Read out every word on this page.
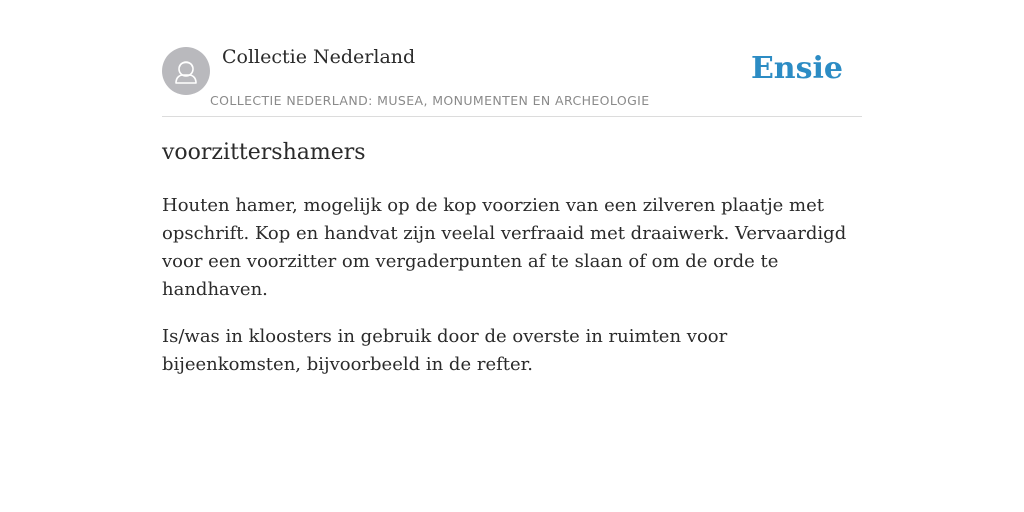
Collectie Nederland
COLLECTIE NEDERLAND: MUSEA, MONUMENTEN EN ARCHEOLOGIE
Ensie
voorzittershamers

Houten hamer, mogelijk op de kop voorzien van een zilveren plaatje met opschrift. Kop en handvat zijn veelal verfraaid met draaiwerk. Vervaardigd voor een voorzitter om vergaderpunten af te slaan of om de orde te handhaven.

Is/was in kloosters in gebruik door de overste in ruimten voor bijeenkomsten, bijvoorbeeld in de refter.
